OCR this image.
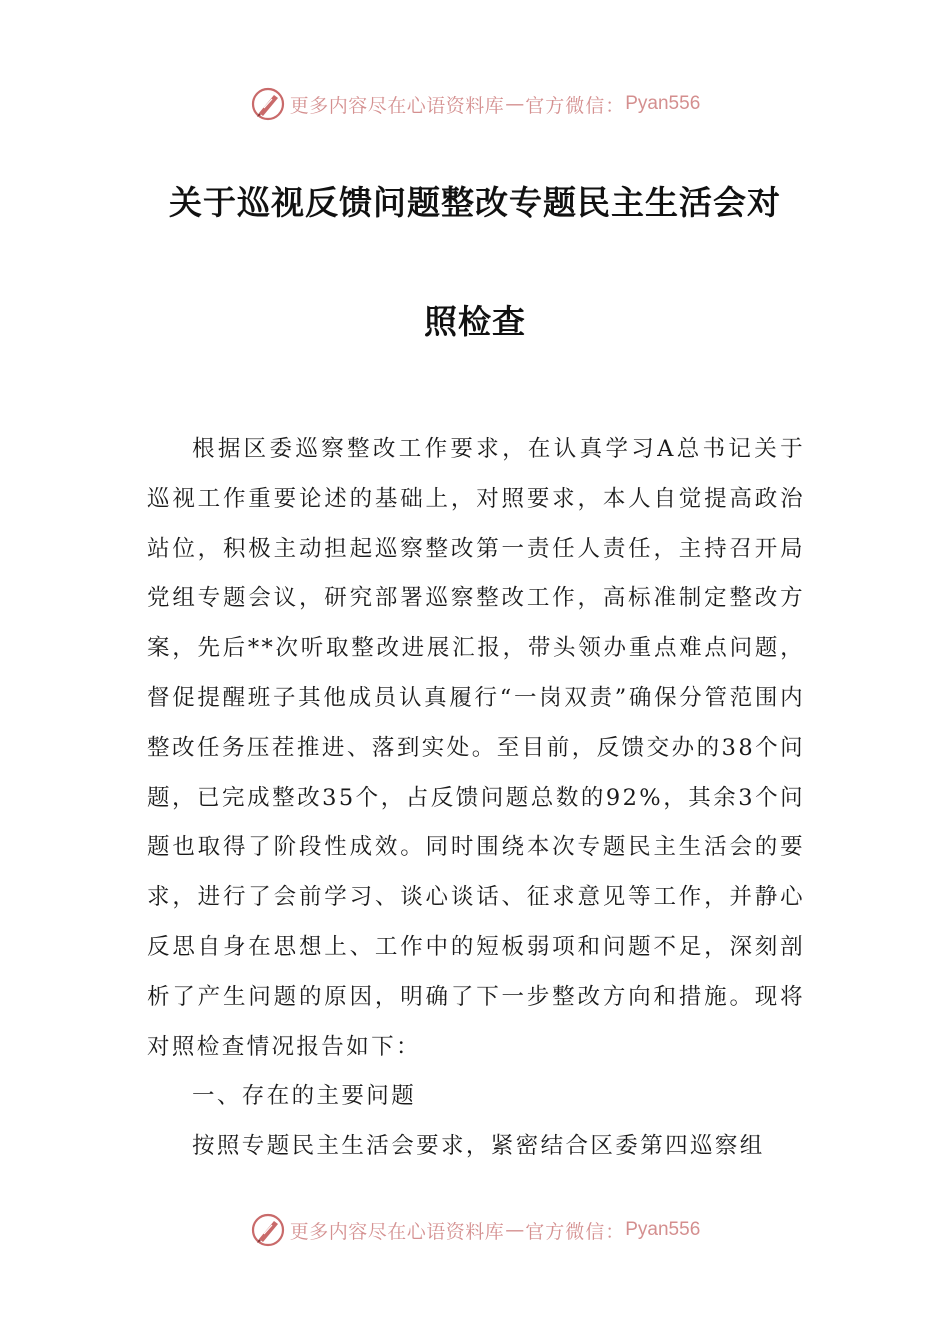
更多内容尽在心语资料库 — 官方微信： Pyan556
关于巡视反馈问题整改专题民主生活会对
照检查

根据区委巡察整改工作要求，在认真学习A总书记关于巡视工作重要论述的基础上，对照要求，本人自觉提高政治站位，积极主动担起巡察整改第一责任人责任，主持召开局党组专题会议，研究部署巡察整改工作，高标准制定整改方案，先后**次听取整改进展汇报，带头领办重点难点问题，督促提醒班子其他成员认真履行“一岗双责”确保分管范围内整改任务压茬推进、落到实处。至目前，反馈交办的38个问题，已完成整改35个，占反馈问题总数的92%，其余3个问题也取得了阶段性成效。同时围绕本次专题民主生活会的要求，进行了会前学习、谈心谈话、征求意见等工作，并静心反思自身在思想上、工作中的短板弱项和问题不足，深刻剖析了产生问题的原因，明确了下一步整改方向和措施。现将对照检查情况报告如下：

一、存在的主要问题

按照专题民主生活会要求，紧密结合区委第四巡察组

更多内容尽在心语资料库 — 官方微信： Pyan556
